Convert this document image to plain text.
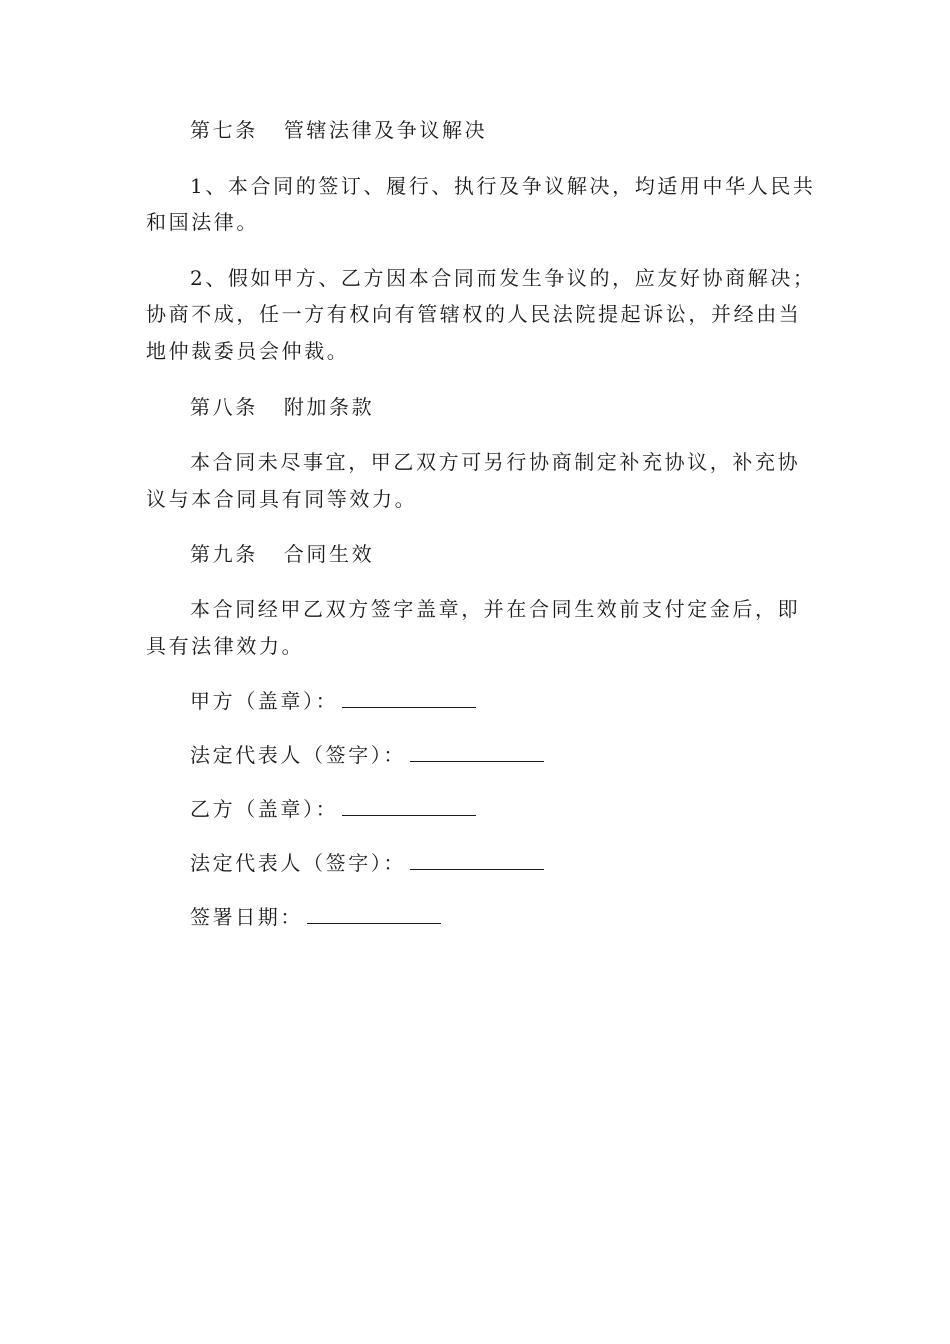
第七条 管辖法律及争议解决
1、本合同的签订、履行、执行及争议解决，均适用中华人民共
和国法律。
2、假如甲方、乙方因本合同而发生争议的，应友好协商解决；
协商不成，任一方有权向有管辖权的人民法院提起诉讼，并经由当
地仲裁委员会仲裁。
第八条 附加条款
本合同未尽事宜，甲乙双方可另行协商制定补充协议，补充协
议与本合同具有同等效力。
第九条 合同生效
本合同经甲乙双方签字盖章，并在合同生效前支付定金后，即
具有法律效力。
甲方（盖章）：
法定代表人（签字）：
乙方（盖章）：
法定代表人（签字）：
签署日期：
